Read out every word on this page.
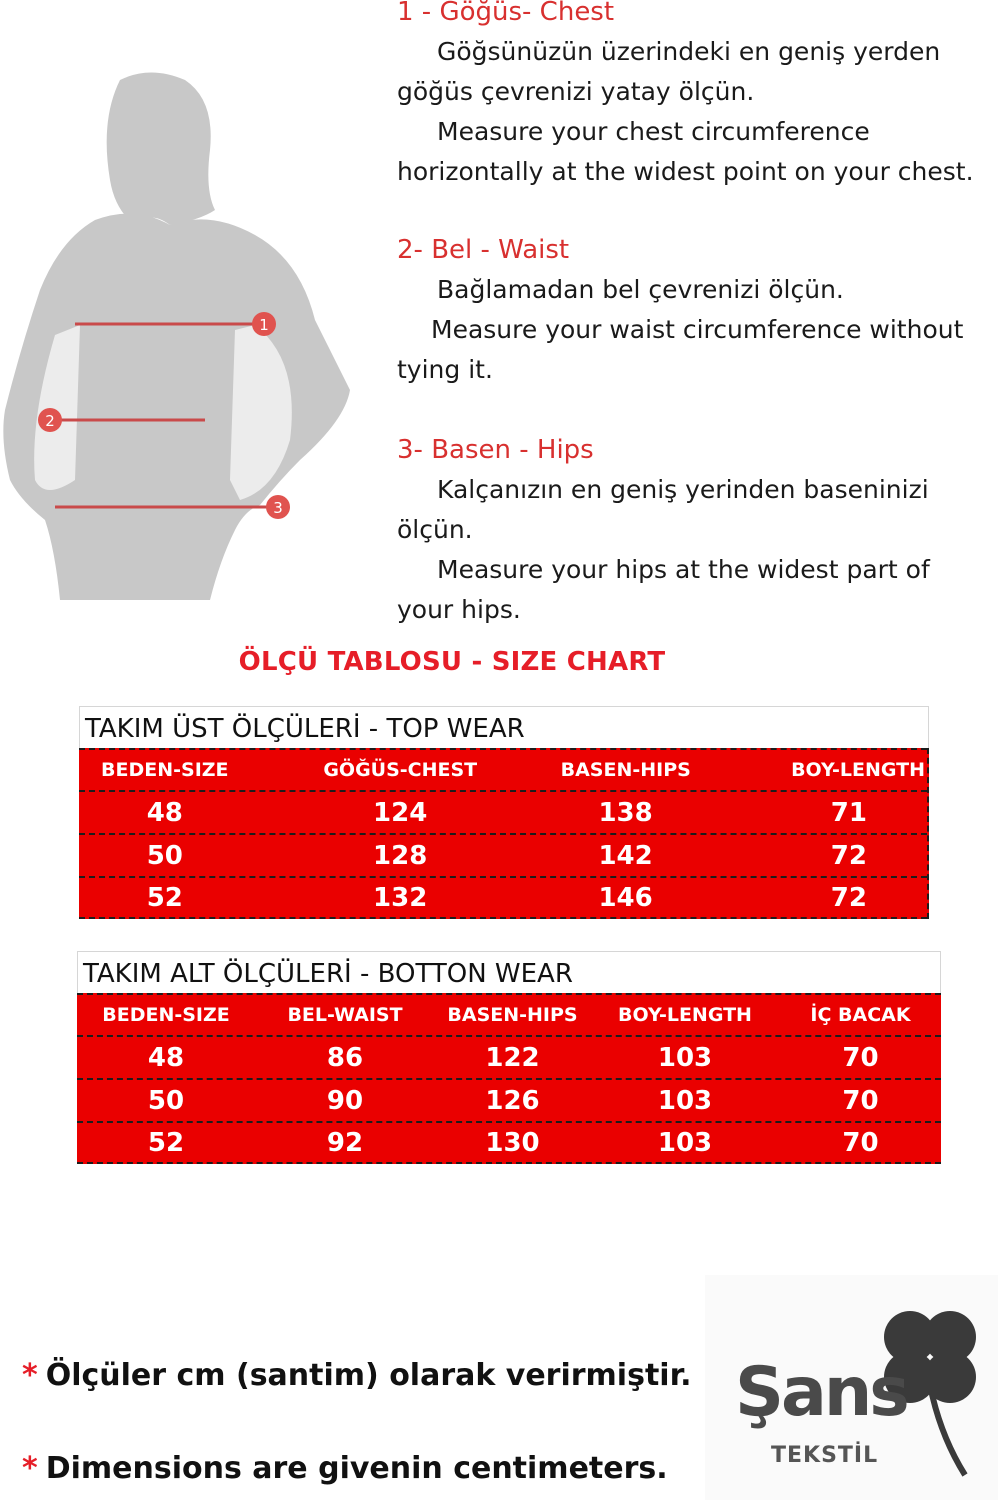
1
2
3

1 - Göğüs- Chest

Göğsünüzün üzerindeki en geniş yerden

göğüs çevrenizi yatay ölçün.

Measure your chest circumference

horizontally at the widest point on your chest.

2- Bel - Waist

Bağlamadan bel çevrenizi ölçün.

Measure your waist circumference without

tying it.

3- Basen - Hips

Kalçanızın en geniş yerinden baseninizi

ölçün.

Measure your hips at the widest part of

your hips.

ÖLÇÜ TABLOSU - SIZE CHART
TAKIM ÜST ÖLÇÜLERİ - TOP WEAR
BEDEN-SIZE	GÖĞÜS-CHEST	BASEN-HIPS	BOY-LENGTH
48	124	138	71
50	128	142	72
52	132	146	72
TAKIM ALT ÖLÇÜLERİ - BOTTON WEAR
BEDEN-SIZE	BEL-WAIST	BASEN-HIPS	BOY-LENGTH	İÇ BACAK
48	86	122	103	70
50	90	126	103	70
52	92	130	103	70
* Ölçüler cm (santim) olarak verirmiştir.
* Dimensions are givenin centimeters.
Şans
TEKSTİL
